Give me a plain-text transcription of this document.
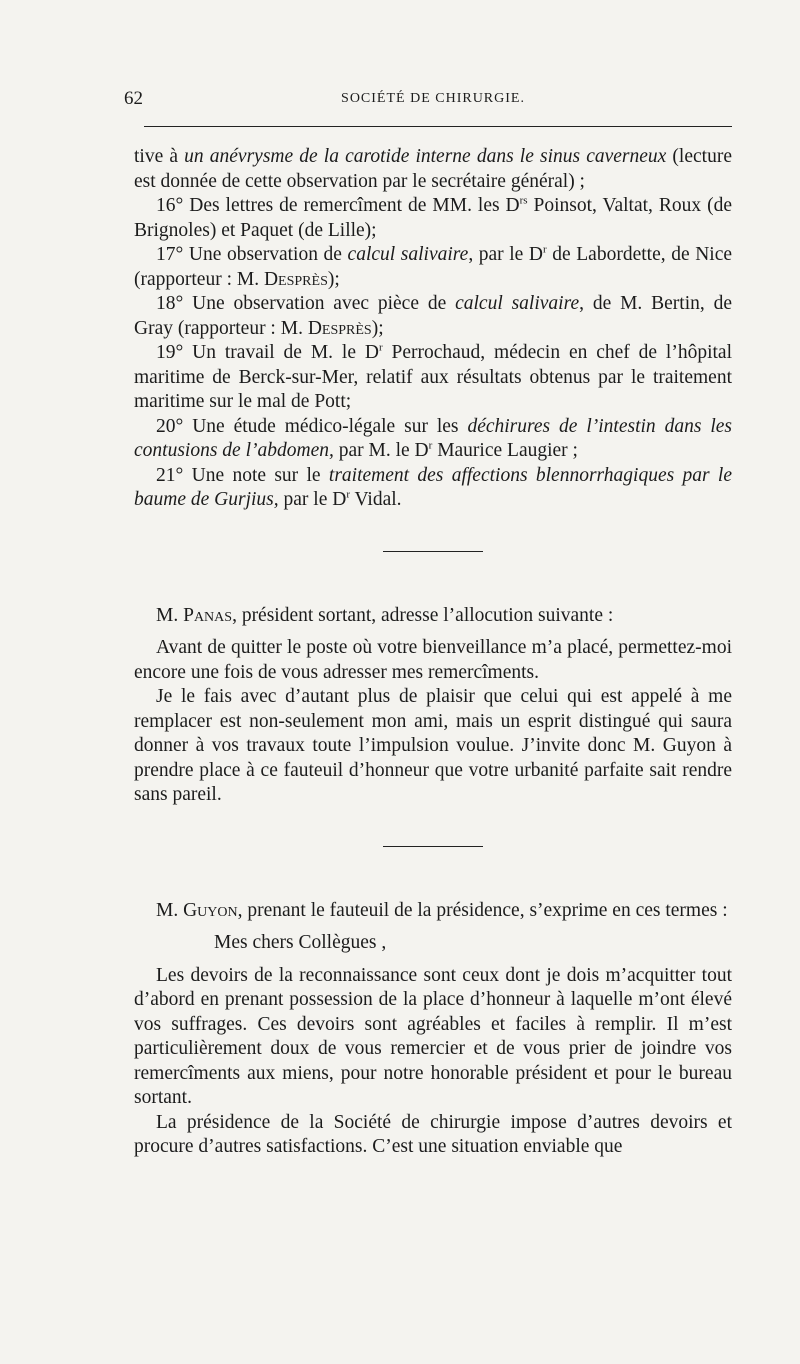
62	SOCIÉTÉ DE CHIRURGIE.

tive à un anévrysme de la carotide interne dans le sinus caverneux (lecture est donnée de cette observation par le secrétaire général) ;

16° Des lettres de remercîment de MM. les $D^{rs}$ Poinsot, Valtat, Roux (de Brignoles) et Paquet (de Lille);

17° Une observation de calcul salivaire, par le $D^r$ de Labordette, de Nice (rapporteur : M. Desprès);

18° Une observation avec pièce de calcul salivaire, de M. Bertin, de Gray (rapporteur : M. Desprès);

19° Un travail de M. le $D^r$ Perrochaud, médecin en chef de l’hôpital maritime de Berck-sur-Mer, relatif aux résultats obtenus par le traitement maritime sur le mal de Pott;

20° Une étude médico-légale sur les déchirures de l’intestin dans les contusions de l’abdomen, par M. le $D^r$ Maurice Laugier ;

21° Une note sur le traitement des affections blennorrhagiques par le baume de Gurjius, par le $D^r$ Vidal.

M. Panas, président sortant, adresse l’allocution suivante :

Avant de quitter le poste où votre bienveillance m’a placé, permettez-moi encore une fois de vous adresser mes remercîments.

Je le fais avec d’autant plus de plaisir que celui qui est appelé à me remplacer est non-seulement mon ami, mais un esprit distingué qui saura donner à vos travaux toute l’impulsion voulue. J’invite donc M. Guyon à prendre place à ce fauteuil d’honneur que votre urbanité parfaite sait rendre sans pareil.

M. Guyon, prenant le fauteuil de la présidence, s’exprime en ces termes :

Mes chers Collègues ,

Les devoirs de la reconnaissance sont ceux dont je dois m’acquitter tout d’abord en prenant possession de la place d’honneur à laquelle m’ont élevé vos suffrages. Ces devoirs sont agréables et faciles à remplir. Il m’est particulièrement doux de vous remercier et de vous prier de joindre vos remercîments aux miens, pour notre honorable président et pour le bureau sortant.

La présidence de la Société de chirurgie impose d’autres devoirs et procure d’autres satisfactions. C’est une situation enviable que
